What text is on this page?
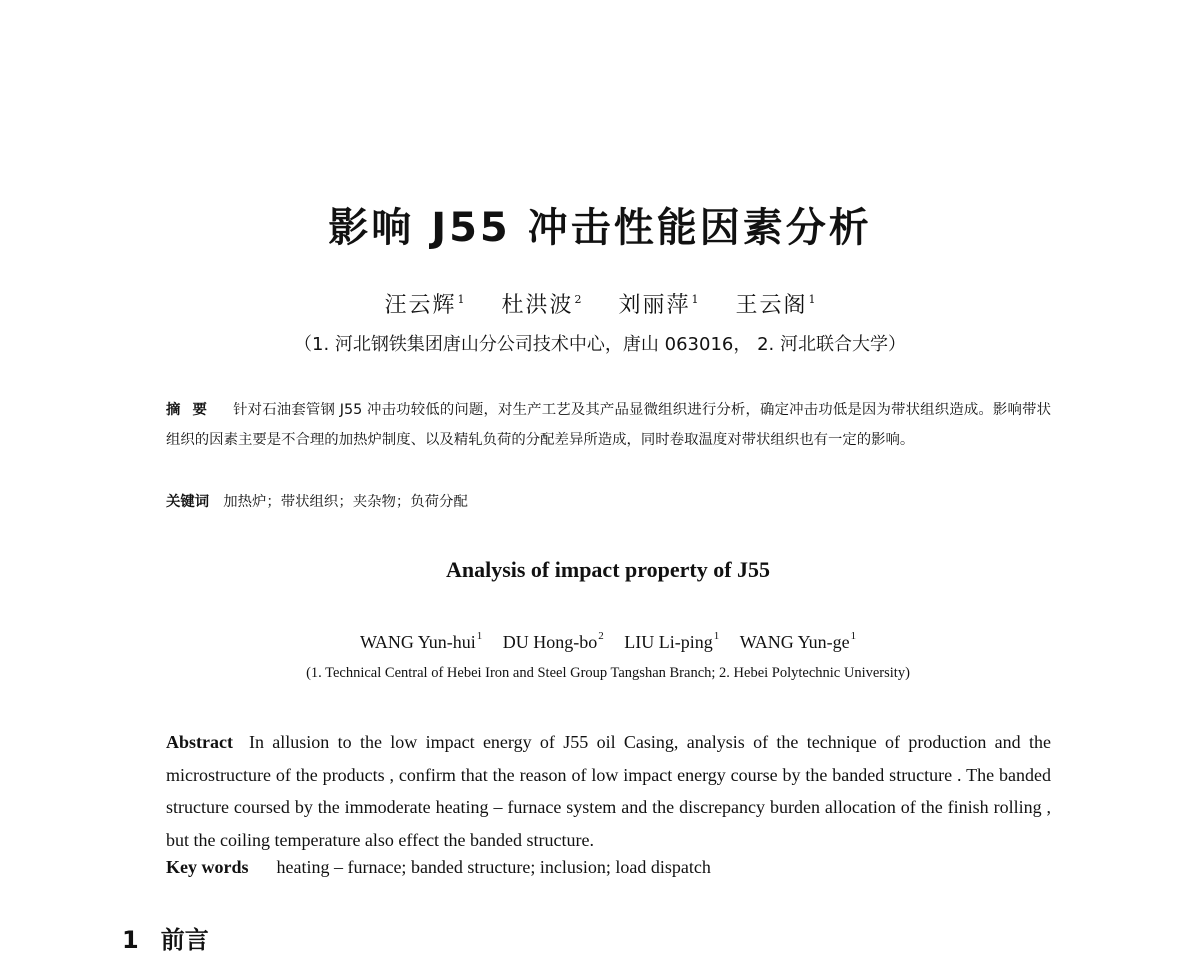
影响 J55 冲击性能因素分析
汪云辉$^1$ 杜洪波$^2$ 刘丽萍$^1$ 王云阁$^1$
（1. 河北钢铁集团唐山分公司技术中心，唐山 063016， 2. 河北联合大学）
摘要 针对石油套管钢 J55 冲击功较低的问题，对生产工艺及其产品显微组织进行分析，确定冲击功低是因为带状组织造成。影响带状组织的因素主要是不合理的加热炉制度、以及精轧负荷的分配差异所造成，同时卷取温度对带状组织也有一定的影响。
关键词 加热炉；带状组织；夹杂物；负荷分配
Analysis of impact property of J55
WANG Yun-hui$^1$ DU Hong-$bo^2$ LIU Li-ping$^1$ WANG Yun-$ge^1$
(1. Technical Central of Hebei Iron and Steel Group Tangshan Branch; 2. Hebei Polytechnic University)
Abstract In allusion to the low impact energy of J55 oil Casing, analysis of the technique of production and the microstructure of the products , confirm that the reason of low impact energy course by the banded structure . The banded structure coursed by the immoderate heating – furnace system and the discrepancy burden allocation of the finish rolling , but the coiling temperature also effect the banded structure.
Key words heating – furnace; banded structure; inclusion; load dispatch
1 前言
